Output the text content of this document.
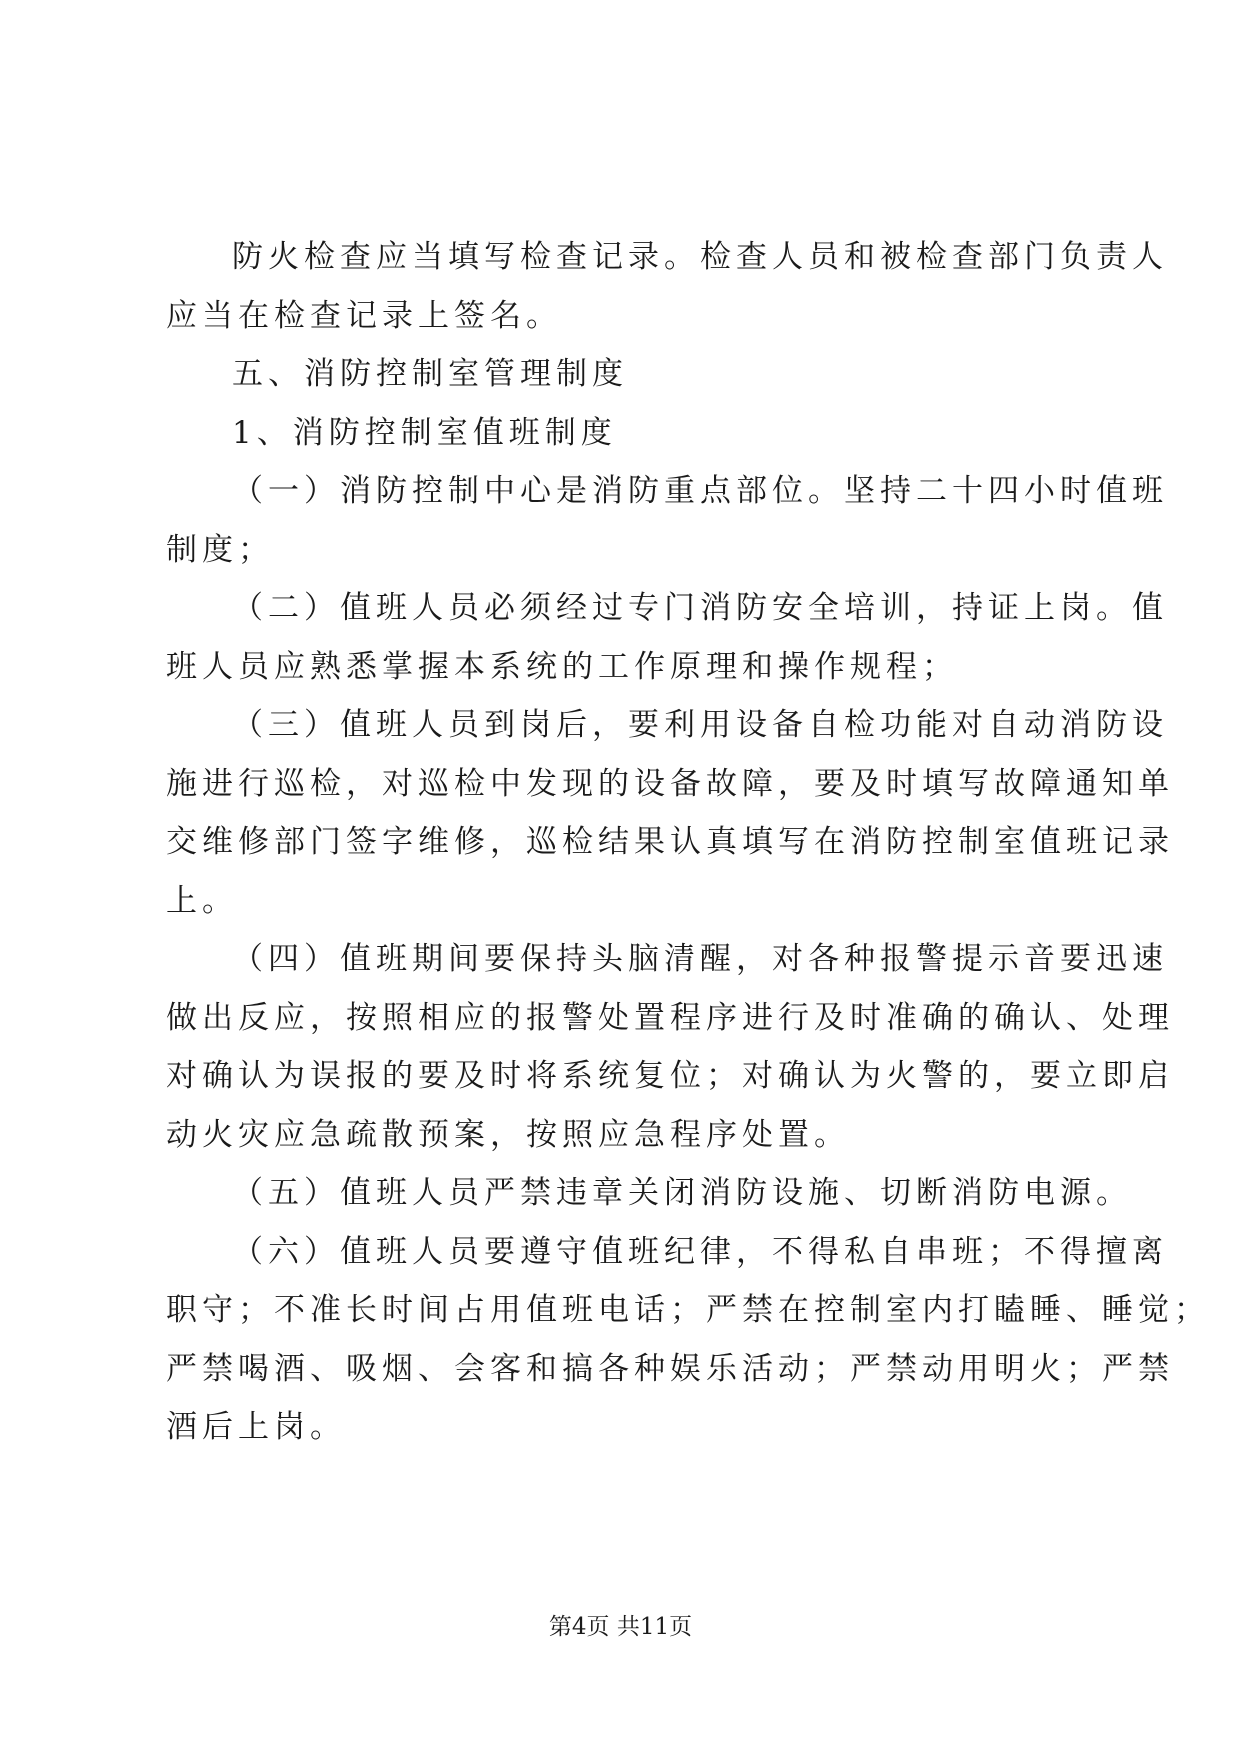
防火检查应当填写检查记录。检查人员和被检查部门负责人
应当在检查记录上签名。

五、消防控制室管理制度

1、消防控制室值班制度

（一）消防控制中心是消防重点部位。坚持二十四小时值班
制度；

（二）值班人员必须经过专门消防安全培训，持证上岗。值
班人员应熟悉掌握本系统的工作原理和操作规程；

（三）值班人员到岗后，要利用设备自检功能对自动消防设
施进行巡检，对巡检中发现的设备故障，要及时填写故障通知单
交维修部门签字维修，巡检结果认真填写在消防控制室值班记录
上。

（四）值班期间要保持头脑清醒，对各种报警提示音要迅速
做出反应，按照相应的报警处置程序进行及时准确的确认、处理
对确认为误报的要及时将系统复位；对确认为火警的，要立即启
动火灾应急疏散预案，按照应急程序处置。

（五）值班人员严禁违章关闭消防设施、切断消防电源。

（六）值班人员要遵守值班纪律，不得私自串班；不得擅离
职守；不准长时间占用值班电话；严禁在控制室内打瞌睡、睡觉；
严禁喝酒、吸烟、会客和搞各种娱乐活动；严禁动用明火；严禁
酒后上岗。

第4页 共11页
